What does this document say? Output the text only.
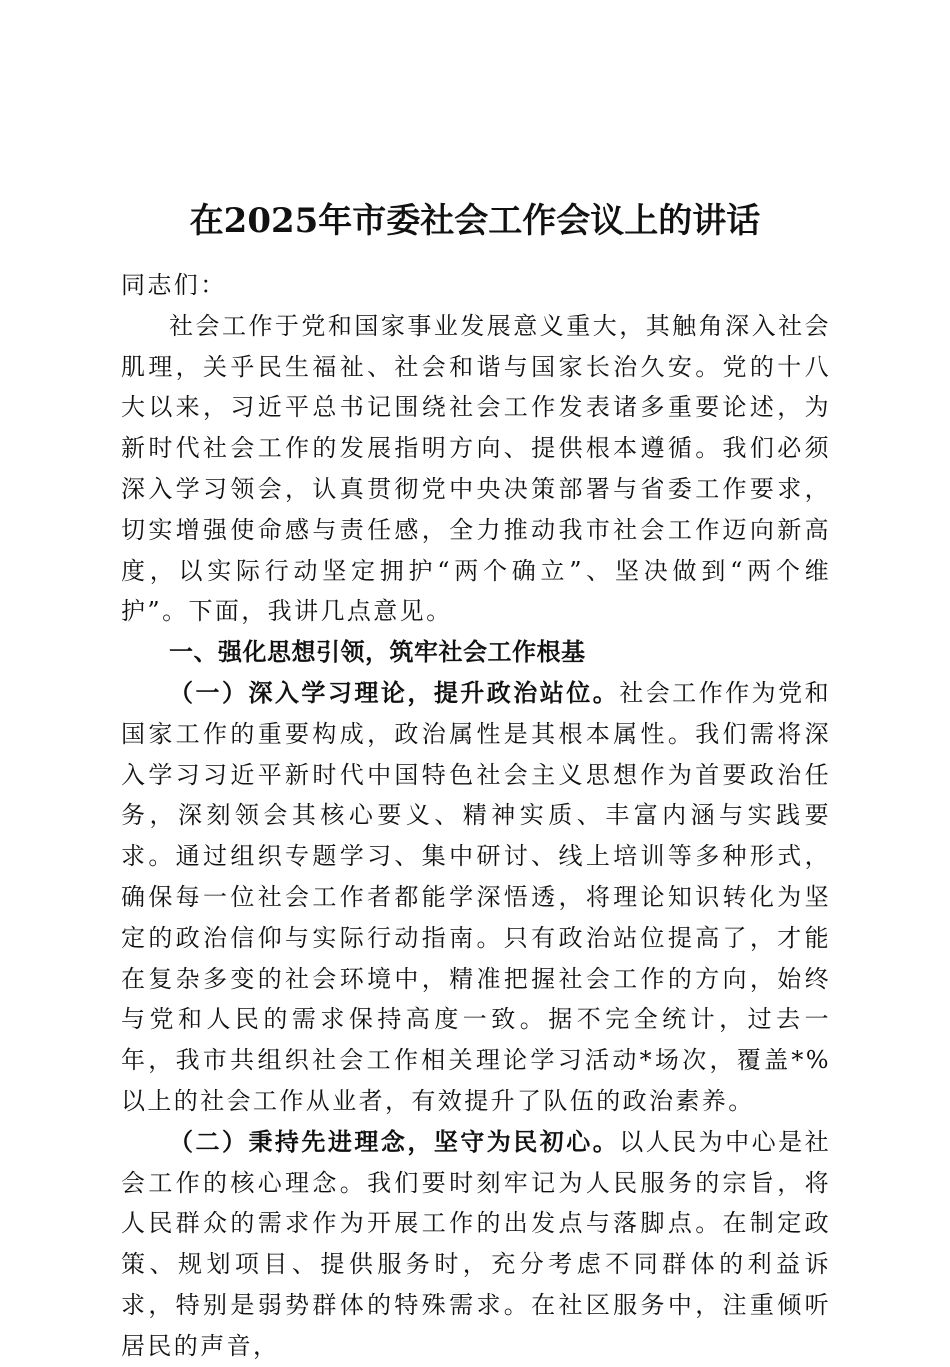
在2025年市委社会工作会议上的讲话

同志们：

社会工作于党和国家事业发展意义重大，其触角深入社会肌理，关乎民生福祉、社会和谐与国家长治久安。党的十八大以来，习近平总书记围绕社会工作发表诸多重要论述，为新时代社会工作的发展指明方向、提供根本遵循。我们必须深入学习领会，认真贯彻党中央决策部署与省委工作要求，切实增强使命感与责任感，全力推动我市社会工作迈向新高度，以实际行动坚定拥护“两个确立”、坚决做到“两个维护”。下面，我讲几点意见。

一、强化思想引领，筑牢社会工作根基

（一）深入学习理论，提升政治站位。社会工作作为党和国家工作的重要构成，政治属性是其根本属性。我们需将深入学习习近平新时代中国特色社会主义思想作为首要政治任务，深刻领会其核心要义、精神实质、丰富内涵与实践要求。通过组织专题学习、集中研讨、线上培训等多种形式，确保每一位社会工作者都能学深悟透，将理论知识转化为坚定的政治信仰与实际行动指南。只有政治站位提高了，才能在复杂多变的社会环境中，精准把握社会工作的方向，始终与党和人民的需求保持高度一致。据不完全统计，过去一年，我市共组织社会工作相关理论学习活动*场次，覆盖*%以上的社会工作从业者，有效提升了队伍的政治素养。

（二）秉持先进理念，坚守为民初心。以人民为中心是社会工作的核心理念。我们要时刻牢记为人民服务的宗旨，将人民群众的需求作为开展工作的出发点与落脚点。在制定政策、规划项目、提供服务时，充分考虑不同群体的利益诉求，特别是弱势群体的特殊需求。在社区服务中，注重倾听居民的声音，
